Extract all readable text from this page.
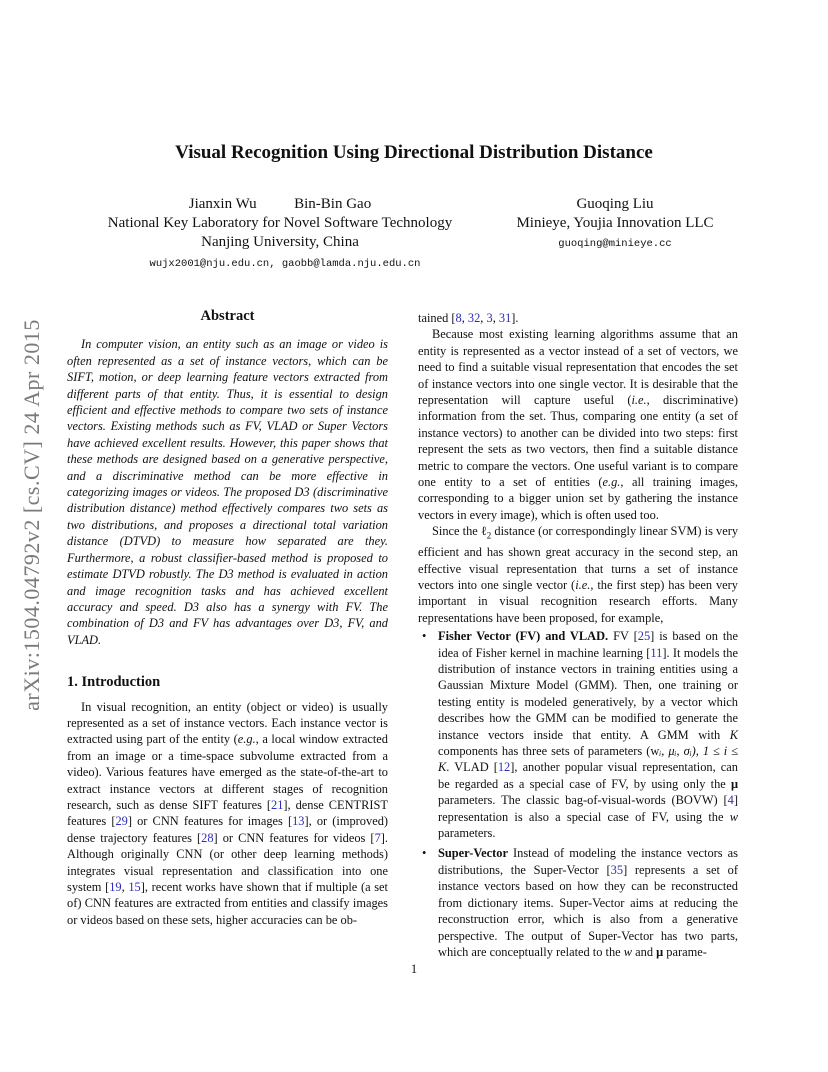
arXiv:1504.04792v2 [cs.CV] 24 Apr 2015
Visual Recognition Using Directional Distribution Distance
Jianxin Wu          Bin-Bin Gao
National Key Laboratory for Novel Software Technology
Nanjing University, China
wujx2001@nju.edu.cn, gaobb@lamda.nju.edu.cn
Guoqing Liu
Minieye, Youjia Innovation LLC
guoqing@minieye.cc
Abstract

In computer vision, an entity such as an image or video is often represented as a set of instance vectors, which can be SIFT, motion, or deep learning feature vectors extracted from different parts of that entity. Thus, it is essential to design efficient and effective methods to compare two sets of instance vectors. Existing methods such as FV, VLAD or Super Vectors have achieved excellent results. However, this paper shows that these methods are designed based on a generative perspective, and a discriminative method can be more effective in categorizing images or videos. The proposed D3 (discriminative distribution distance) method effectively compares two sets as two distributions, and proposes a directional total variation distance (DTVD) to measure how separated are they. Furthermore, a robust classifier-based method is proposed to estimate DTVD robustly. The D3 method is evaluated in action and image recognition tasks and has achieved excellent accuracy and speed. D3 also has a synergy with FV. The combination of D3 and FV has advantages over D3, FV, and VLAD.

1. Introduction

In visual recognition, an entity (object or video) is usually represented as a set of instance vectors. Each instance vector is extracted using part of the entity (e.g., a local window extracted from an image or a time-space subvolume extracted from a video). Various features have emerged as the state-of-the-art to extract instance vectors at different stages of recognition research, such as dense SIFT features [21], dense CENTRIST features [29] or CNN features for images [13], or (improved) dense trajectory features [28] or CNN features for videos [7]. Although originally CNN (or other deep learning methods) integrates visual representation and classification into one system [19, 15], recent works have shown that if multiple (a set of) CNN features are extracted from entities and classify images or videos based on these sets, higher accuracies can be ob-

tained [8, 32, 3, 31].

Because most existing learning algorithms assume that an entity is represented as a vector instead of a set of vectors, we need to find a suitable visual representation that encodes the set of instance vectors into one single vector. It is desirable that the representation will capture useful (i.e., discriminative) information from the set. Thus, comparing one entity (a set of instance vectors) to another can be divided into two steps: first represent the sets as two vectors, then find a suitable distance metric to compare the vectors. One useful variant is to compare one entity to a set of entities (e.g., all training images, corresponding to a bigger union set by gathering the instance vectors in every image), which is often used too.

Since the ℓ$_2$ distance (or correspondingly linear SVM) is very efficient and has shown great accuracy in the second step, an effective visual representation that turns a set of instance vectors into one single vector (i.e., the first step) has been very important in visual recognition research efforts. Many representations have been proposed, for example,

• Fisher Vector (FV) and VLAD. FV [25] is based on the idea of Fisher kernel in machine learning [11]. It models the distribution of instance vectors in training entities using a Gaussian Mixture Model (GMM). Then, one training or testing entity is modeled generatively, by a vector which describes how the GMM can be modified to generate the instance vectors inside that entity. A GMM with K components has three sets of parameters (wᵢ, μᵢ, σᵢ), 1 ≤ i ≤ K. VLAD [12], another popular visual representation, can be regarded as a special case of FV, by using only the μ parameters. The classic bag-of-visual-words (BOVW) [4] representation is also a special case of FV, using the w parameters.

• Super-Vector Instead of modeling the instance vectors as distributions, the Super-Vector [35] represents a set of instance vectors based on how they can be reconstructed from dictionary items. Super-Vector aims at reducing the reconstruction error, which is also from a generative perspective. The output of Super-Vector has two parts, which are conceptually related to the w and μ parame-

1
